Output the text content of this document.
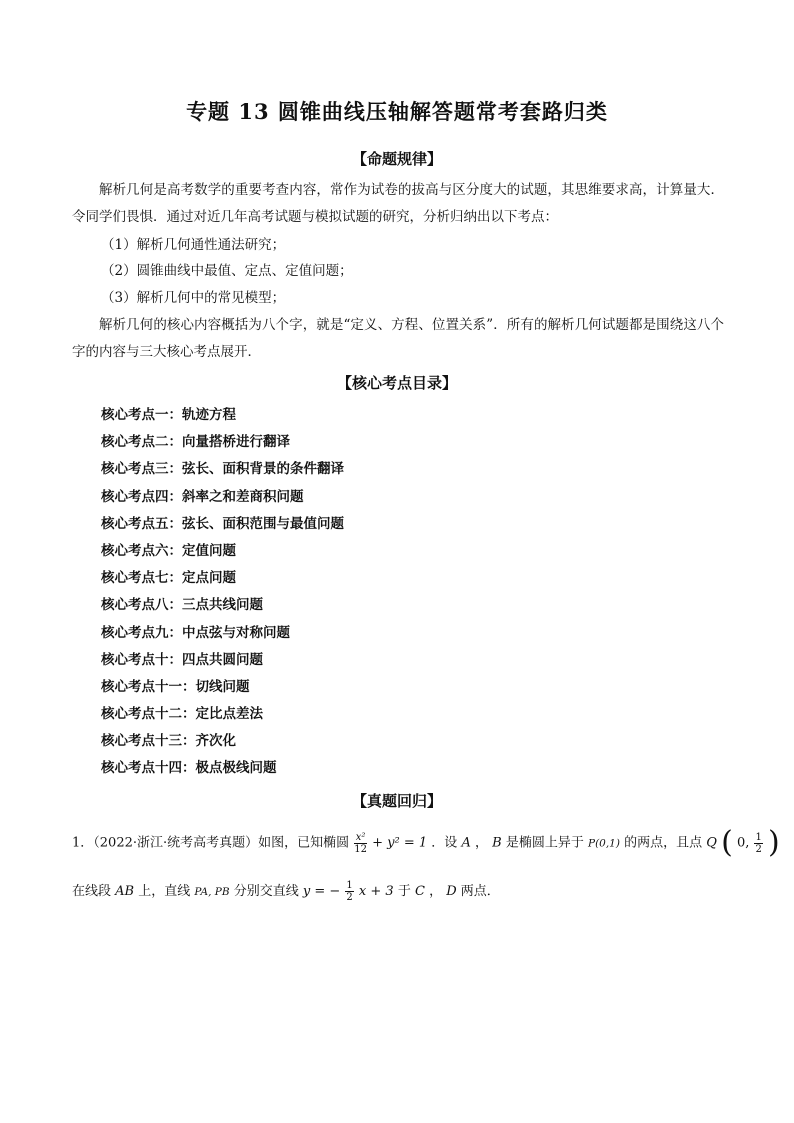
专题 13 圆锥曲线压轴解答题常考套路归类
【命题规律】
解析几何是高考数学的重要考查内容，常作为试卷的拔高与区分度大的试题，其思维要求高，计算量大．令同学们畏惧．通过对近几年高考试题与模拟试题的研究，分析归纳出以下考点：
（1）解析几何通性通法研究；
（2）圆锥曲线中最值、定点、定值问题；
（3）解析几何中的常见模型；
解析几何的核心内容概括为八个字，就是“定义、方程、位置关系”．所有的解析几何试题都是围绕这八个字的内容与三大核心考点展开．
【核心考点目录】
核心考点一：轨迹方程
核心考点二：向量搭桥进行翻译
核心考点三：弦长、面积背景的条件翻译
核心考点四：斜率之和差商积问题
核心考点五：弦长、面积范围与最值问题
核心考点六：定值问题
核心考点七：定点问题
核心考点八：三点共线问题
核心考点九：中点弦与对称问题
核心考点十：四点共圆问题
核心考点十一：切线问题
核心考点十二：定比点差法
核心考点十三：齐次化
核心考点十四：极点极线问题
【真题回归】
1．（2022·浙江·统考高考真题）如图，已知椭圆 $\frac{\text{x²}}{12} + y^2 = 1$ ．设 A ， B 是椭圆上异于 P(0,1) 的两点，且点 Q ( 0, $\frac{1}{2}$ )
在线段 AB 上，直线 PA, PB 分别交直线 y = − $\frac{1}{2}$ x + 3 于 C ， D 两点．
